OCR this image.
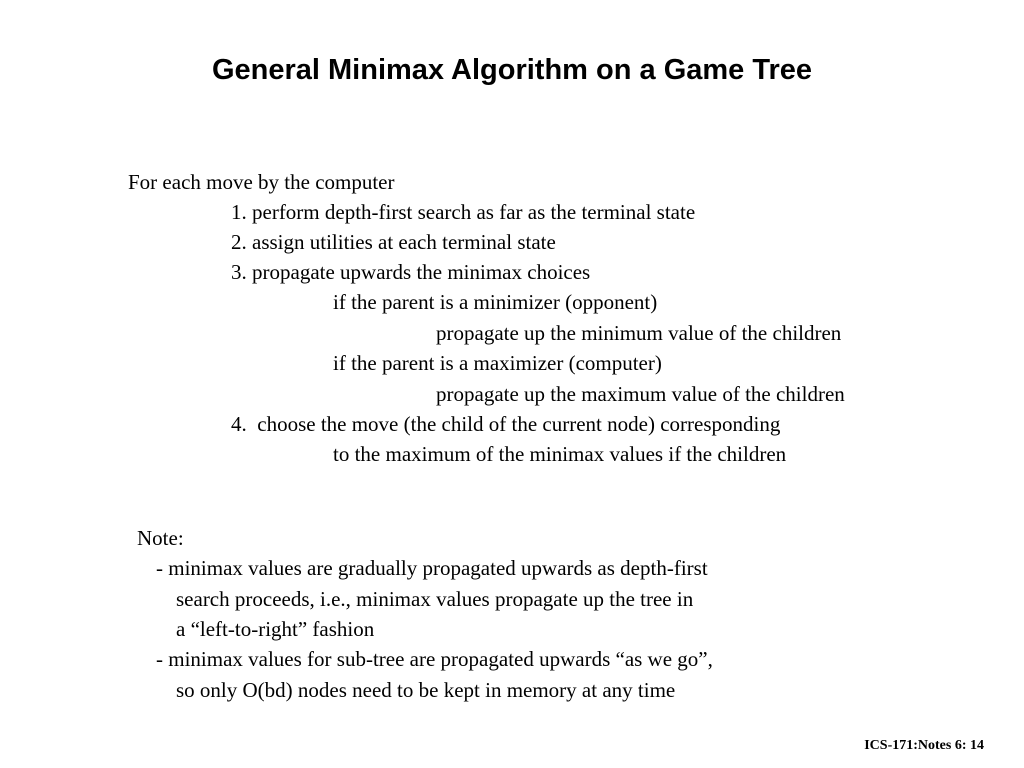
General Minimax Algorithm on a Game Tree
For each move by the computer
1. perform depth-first search as far as the terminal state
2. assign utilities at each terminal state
3. propagate upwards the minimax choices
if the parent is a minimizer (opponent)
propagate up the minimum value of the children
if the parent is a maximizer (computer)
propagate up the maximum value of the children
4.  choose the move (the child of the current node) corresponding
to the maximum of the minimax values if the children
Note:
- minimax values are gradually propagated upwards as depth-first
search proceeds, i.e., minimax values propagate up the tree in
a “left-to-right” fashion
- minimax values for sub-tree are propagated upwards “as we go”,
so only O(bd) nodes need to be kept in memory at any time
ICS-171:Notes 6: 14
